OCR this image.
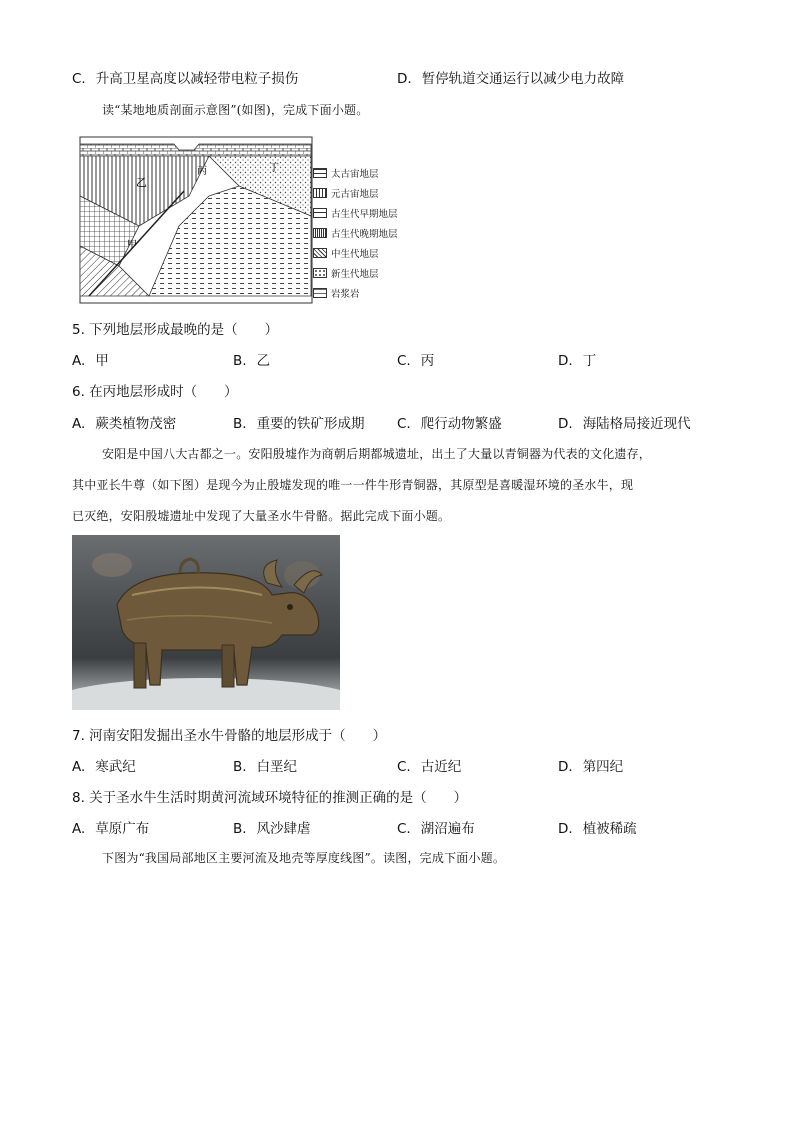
C. 升高卫星高度以减轻带电粒子损伤	D. 暂停轨道交通运行以减少电力故障
读“某地地质剖面示意图”(如图)，完成下面小题。
乙
丙	丁
甲
太古宙地层
元古宙地层
古生代早期地层
古生代晚期地层
中生代地层
新生代地层
岩浆岩
5. 下列地层形成最晚的是（　　）
A. 甲	B. 乙	C. 丙	D. 丁
6. 在丙地层形成时（　　）
A. 蕨类植物茂密	B. 重要的铁矿形成期 C. 爬行动物繁盛	D. 海陆格局接近现代
安阳是中国八大古都之一。安阳殷墟作为商朝后期都城遗址，出土了大量以青铜器为代表的文化遗存，
其中亚长牛尊（如下图）是现今为止殷墟发现的唯一一件牛形青铜器，其原型是喜暖湿环境的圣水牛，现
已灭绝，安阳殷墟遗址中发现了大量圣水牛骨骼。据此完成下面小题。
7. 河南安阳发掘出圣水牛骨骼的地层形成于（　　）
A. 寒武纪	B. 白垩纪	C. 古近纪	D. 第四纪
8. 关于圣水牛生活时期黄河流域环境特征的推测正确的是（　　）
A. 草原广布	B. 风沙肆虐	C. 湖沼遍布	D. 植被稀疏
下图为“我国局部地区主要河流及地壳等厚度线图”。读图，完成下面小题。
